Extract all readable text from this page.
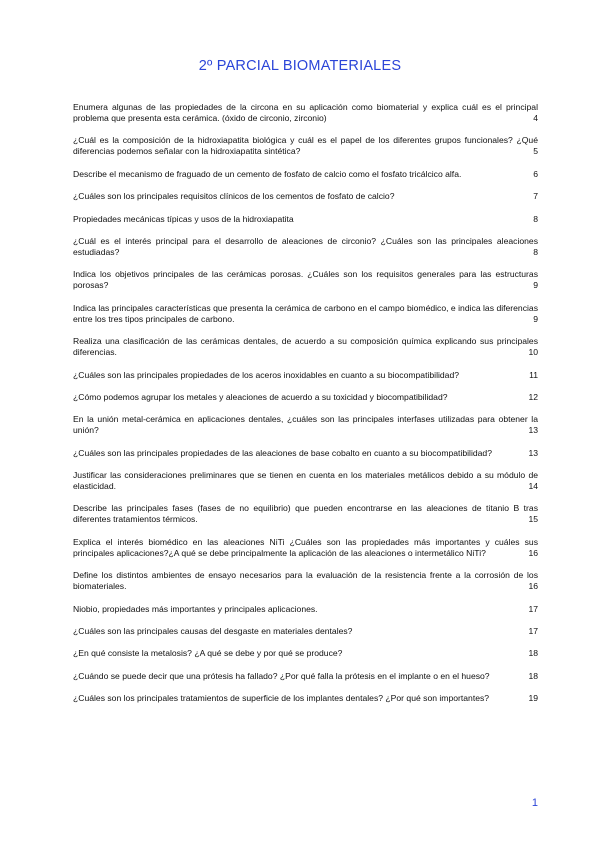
2º PARCIAL BIOMATERIALES
Enumera algunas de las propiedades de la circona en su aplicación como biomaterial y explica cuál es el principal problema que presenta esta cerámica. (óxido de circonio, zirconio)	4
¿Cuál es la composición de la hidroxiapatita biológica y cuál es el papel de los diferentes grupos funcionales? ¿Qué diferencias podemos señalar con la hidroxiapatita sintética?	5
Describe el mecanismo de fraguado de un cemento de fosfato de calcio como el fosfato tricálcico alfa.	6
¿Cuáles son los principales requisitos clínicos de los cementos de fosfato de calcio?	7
Propiedades mecánicas típicas y usos de la hidroxiapatita	8
¿Cuál es el interés principal para el desarrollo de aleaciones de circonio? ¿Cuáles son las principales aleaciones estudiadas?	8
Indica los objetivos principales de las cerámicas porosas. ¿Cuáles son los requisitos generales para las estructuras porosas?	9
Indica las principales características que presenta la cerámica de carbono en el campo biomédico, e indica las diferencias entre los tres tipos principales de carbono.	9
Realiza una clasificación de las cerámicas dentales, de acuerdo a su composición química explicando sus principales diferencias.	10
¿Cuáles son las principales propiedades de los aceros inoxidables en cuanto a su biocompatibilidad?	11
¿Cómo podemos agrupar los metales y aleaciones de acuerdo a su toxicidad y biocompatibilidad?	12
En la unión metal-cerámica en aplicaciones dentales, ¿cuáles son las principales interfases utilizadas para obtener la unión?	13
¿Cuáles son las principales propiedades de las aleaciones de base cobalto en cuanto a su biocompatibilidad?	13
Justificar las consideraciones preliminares que se tienen en cuenta en los materiales metálicos debido a su módulo de elasticidad.	14
Describe las principales fases (fases de no equilibrio) que pueden encontrarse en las aleaciones de titanio B tras diferentes tratamientos térmicos.	15
Explica el interés biomédico en las aleaciones NiTi ¿Cuáles son las propiedades más importantes y cuáles sus principales aplicaciones?¿A qué se debe principalmente la aplicación de las aleaciones o intermetálico NiTi?	16
Define los distintos ambientes de ensayo necesarios para la evaluación de la resistencia frente a la corrosión de los biomateriales.	16
Niobio, propiedades más importantes y principales aplicaciones.	17
¿Cuáles son las principales causas del desgaste en materiales dentales?	17
¿En qué consiste la metalosis? ¿A qué se debe y por qué se produce?	18
¿Cuándo se puede decir que una prótesis ha fallado? ¿Por qué falla la prótesis en el implante o en el hueso?	18
¿Cuáles son los principales tratamientos de superficie de los implantes dentales? ¿Por qué son importantes?	19
1
